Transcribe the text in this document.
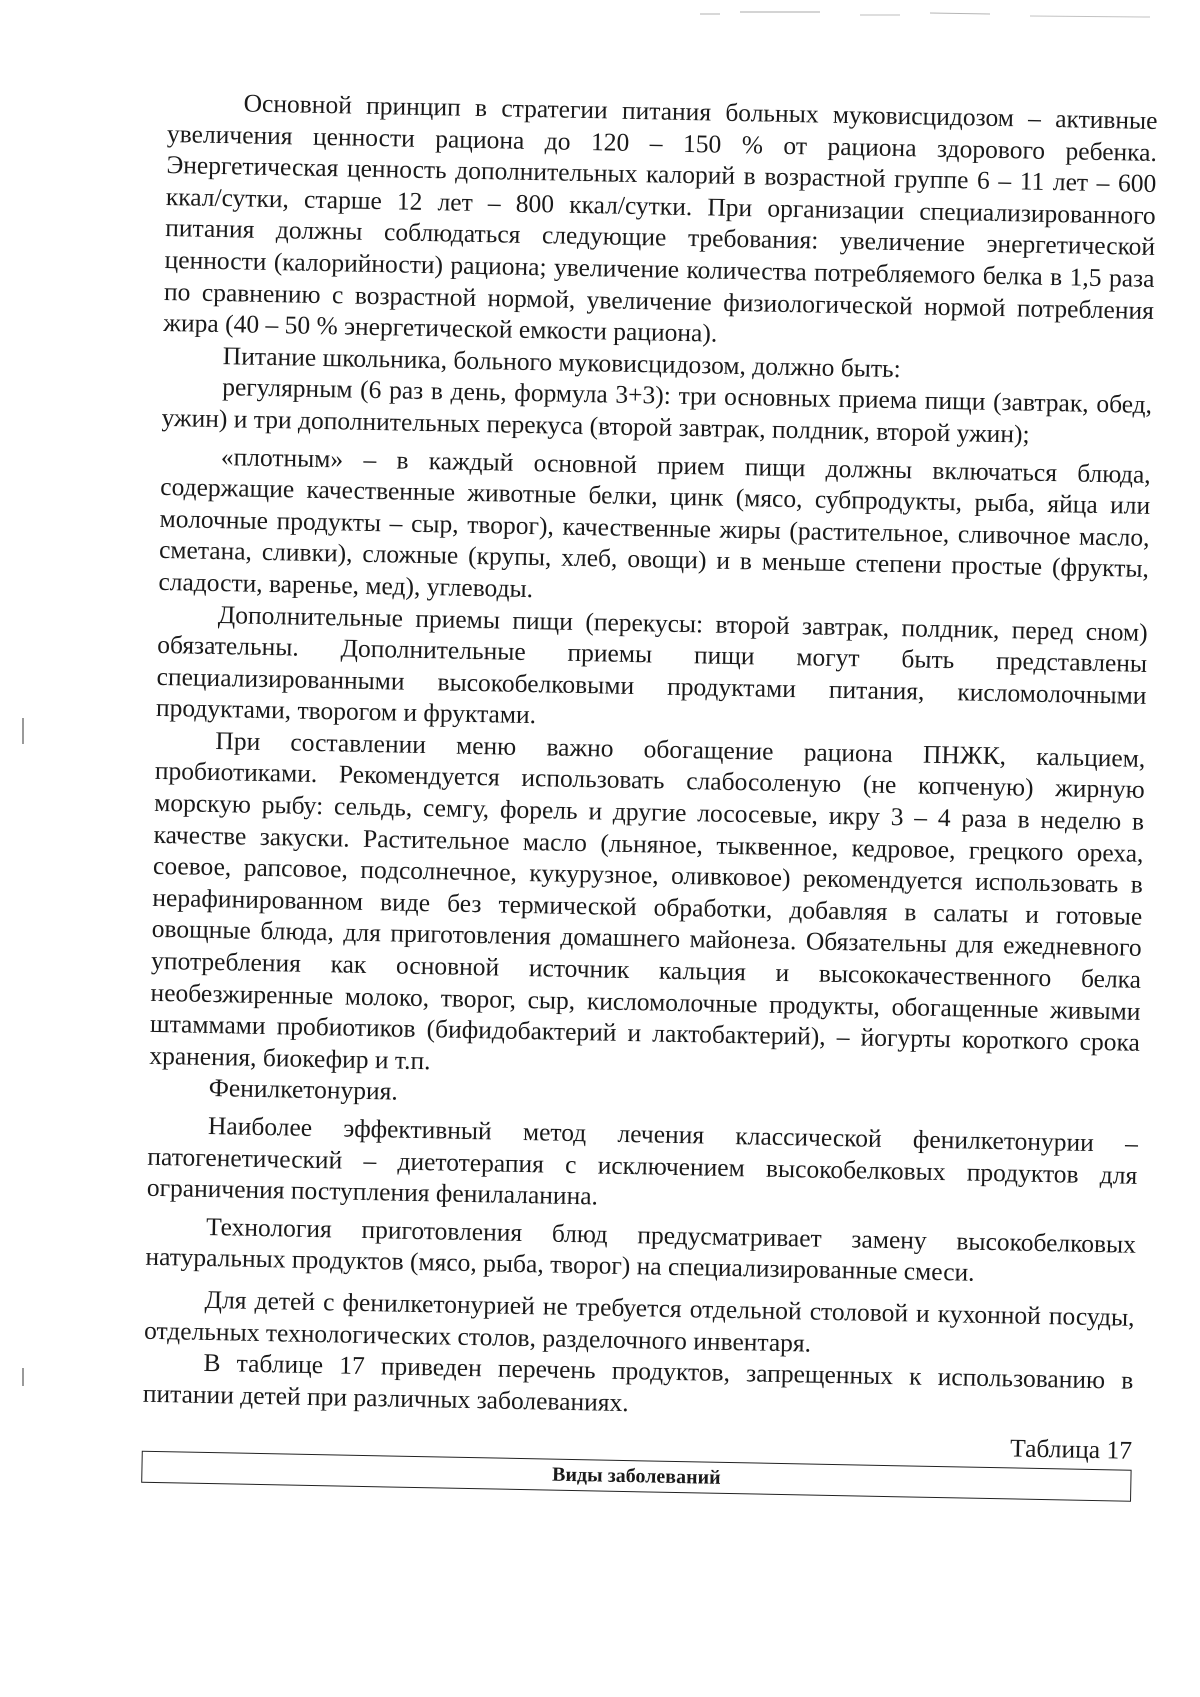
Основной принцип в стратегии питания больных муковисцидозом – активные увеличения ценности рациона до 120 – 150 % от рациона здорового ребенка. Энергетическая ценность дополнительных калорий в возрастной группе 6 – 11 лет – 600 ккал/сутки, старше 12 лет – 800 ккал/сутки. При организации специализированного питания должны соблюдаться следующие требования: увеличение энергетической ценности (калорийности) рациона; увеличение количества потребляемого белка в 1,5 раза по сравнению с возрастной нормой, увеличение физиологической нормой потребления жира (40 – 50 % энергетической емкости рациона).

Питание школьника, больного муковисцидозом, должно быть:

регулярным (6 раз в день, формула 3+3): три основных приема пищи (завтрак, обед, ужин) и три дополнительных перекуса (второй завтрак, полдник, второй ужин);

«плотным» – в каждый основной прием пищи должны включаться блюда, содержащие качественные животные белки, цинк (мясо, субпродукты, рыба, яйца или молочные продукты – сыр, творог), качественные жиры (растительное, сливочное масло, сметана, сливки), сложные (крупы, хлеб, овощи) и в меньше степени простые (фрукты, сладости, варенье, мед), углеводы.

Дополнительные приемы пищи (перекусы: второй завтрак, полдник, перед сном) обязательны. Дополнительные приемы пищи могут быть представлены специализированными высокобелковыми продуктами питания, кисломолочными продуктами, творогом и фруктами.

При составлении меню важно обогащение рациона ПНЖК, кальцием, пробиотиками. Рекомендуется использовать слабосоленую (не копченую) жирную морскую рыбу: сельдь, семгу, форель и другие лососевые, икру 3 – 4 раза в неделю в качестве закуски. Растительное масло (льняное, тыквенное, кедровое, грецкого ореха, соевое, рапсовое, подсолнечное, кукурузное, оливковое) рекомендуется использовать в нерафинированном виде без термической обработки, добавляя в салаты и готовые овощные блюда, для приготовления домашнего майонеза. Обязательны для ежедневного употребления как основной источник кальция и высококачественного белка необезжиренные молоко, творог, сыр, кисломолочные продукты, обогащенные живыми штаммами пробиотиков (бифидобактерий и лактобактерий), – йогурты короткого срока хранения, биокефир и т.п.

Фенилкетонурия.

Наиболее эффективный метод лечения классической фенилкетонурии – патогенетический – диетотерапия с исключением высокобелковых продуктов для ограничения поступления фенилаланина.

Технология приготовления блюд предусматривает замену высокобелковых натуральных продуктов (мясо, рыба, творог) на специализированные смеси.

Для детей с фенилкетонурией не требуется отдельной столовой и кухонной посуды, отдельных технологических столов, разделочного инвентаря.

В таблице 17 приведен перечень продуктов, запрещенных к использованию в питании детей при различных заболеваниях.

Таблица 17
Виды заболеваний
